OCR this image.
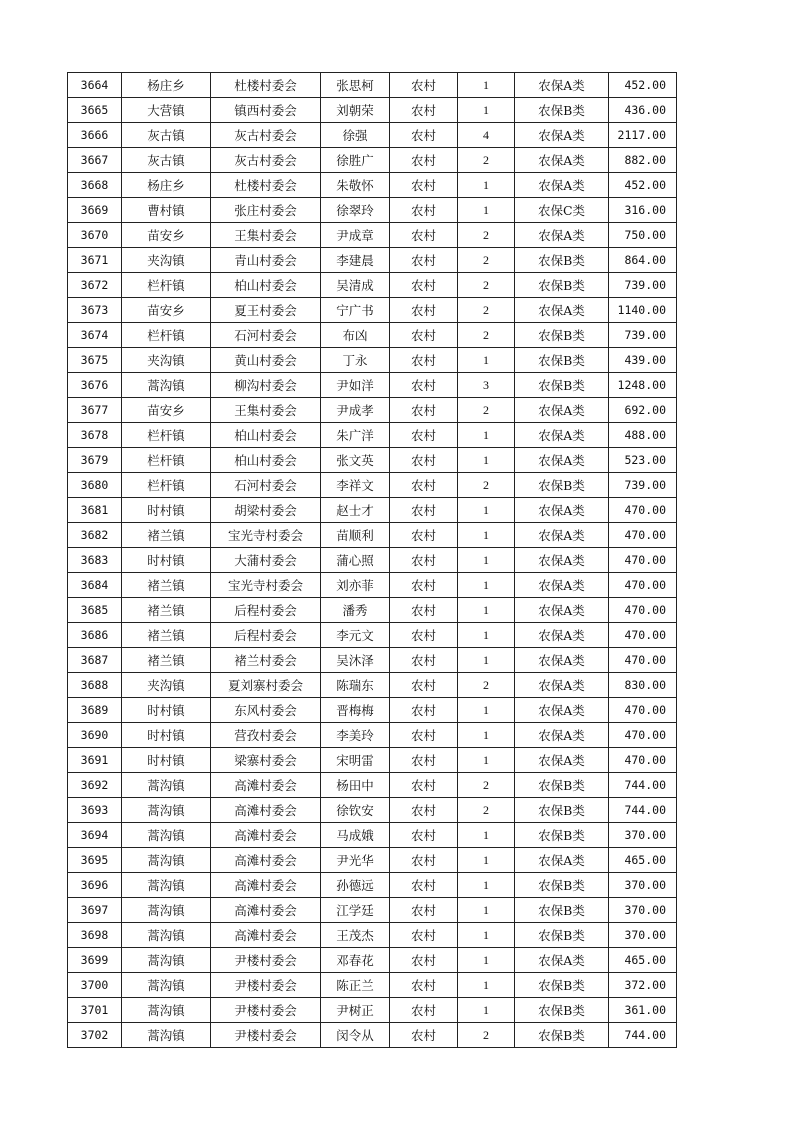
3664	杨庄乡	杜楼村委会	张思柯	农村	1	农保A类	452.00
3665	大营镇	镇西村委会	刘朝荣	农村	1	农保B类	436.00
3666	灰古镇	灰古村委会	徐强	农村	4	农保A类	2117.00
3667	灰古镇	灰古村委会	徐胜广	农村	2	农保A类	882.00
3668	杨庄乡	杜楼村委会	朱敬怀	农村	1	农保A类	452.00
3669	曹村镇	张庄村委会	徐翠玲	农村	1	农保C类	316.00
3670	苗安乡	王集村委会	尹成章	农村	2	农保A类	750.00
3671	夹沟镇	青山村委会	李建晨	农村	2	农保B类	864.00
3672	栏杆镇	柏山村委会	吴清成	农村	2	农保B类	739.00
3673	苗安乡	夏王村委会	宁广书	农村	2	农保A类	1140.00
3674	栏杆镇	石河村委会	布凶	农村	2	农保B类	739.00
3675	夹沟镇	黄山村委会	丁永	农村	1	农保B类	439.00
3676	蒿沟镇	柳沟村委会	尹如洋	农村	3	农保B类	1248.00
3677	苗安乡	王集村委会	尹成孝	农村	2	农保A类	692.00
3678	栏杆镇	柏山村委会	朱广洋	农村	1	农保A类	488.00
3679	栏杆镇	柏山村委会	张文英	农村	1	农保A类	523.00
3680	栏杆镇	石河村委会	李祥文	农村	2	农保B类	739.00
3681	时村镇	胡梁村委会	赵士才	农村	1	农保A类	470.00
3682	褚兰镇	宝光寺村委会	苗顺利	农村	1	农保A类	470.00
3683	时村镇	大蒲村委会	蒲心照	农村	1	农保A类	470.00
3684	褚兰镇	宝光寺村委会	刘亦菲	农村	1	农保A类	470.00
3685	褚兰镇	后程村委会	潘秀	农村	1	农保A类	470.00
3686	褚兰镇	后程村委会	李元文	农村	1	农保A类	470.00
3687	褚兰镇	褚兰村委会	吴沐泽	农村	1	农保A类	470.00
3688	夹沟镇	夏刘寨村委会	陈瑞东	农村	2	农保A类	830.00
3689	时村镇	东风村委会	晋梅梅	农村	1	农保A类	470.00
3690	时村镇	营孜村委会	李美玲	农村	1	农保A类	470.00
3691	时村镇	梁寨村委会	宋明雷	农村	1	农保A类	470.00
3692	蒿沟镇	高滩村委会	杨田中	农村	2	农保B类	744.00
3693	蒿沟镇	高滩村委会	徐钦安	农村	2	农保B类	744.00
3694	蒿沟镇	高滩村委会	马成娥	农村	1	农保B类	370.00
3695	蒿沟镇	高滩村委会	尹光华	农村	1	农保A类	465.00
3696	蒿沟镇	高滩村委会	孙德远	农村	1	农保B类	370.00
3697	蒿沟镇	高滩村委会	江学廷	农村	1	农保B类	370.00
3698	蒿沟镇	高滩村委会	王茂杰	农村	1	农保B类	370.00
3699	蒿沟镇	尹楼村委会	邓春花	农村	1	农保A类	465.00
3700	蒿沟镇	尹楼村委会	陈正兰	农村	1	农保B类	372.00
3701	蒿沟镇	尹楼村委会	尹树正	农村	1	农保B类	361.00
3702	蒿沟镇	尹楼村委会	闵令从	农村	2	农保B类	744.00
